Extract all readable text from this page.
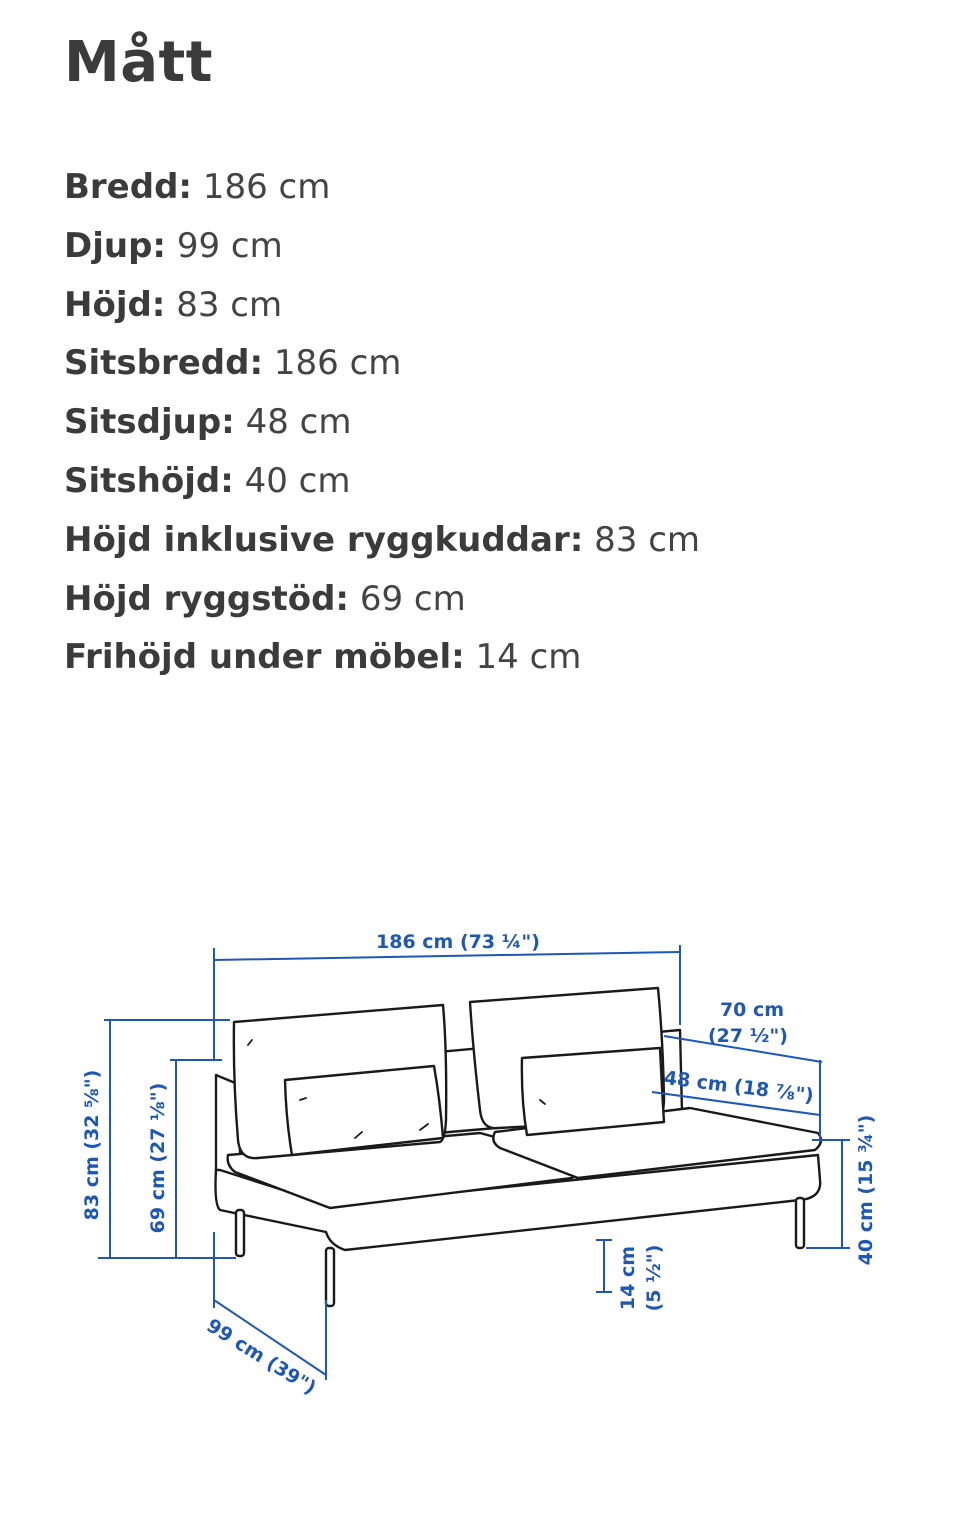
Mått
Bredd: 186 cm
Djup: 99 cm
Höjd: 83 cm
Sitsbredd: 186 cm
Sitsdjup: 48 cm
Sitshöjd: 40 cm
Höjd inklusive ryggkuddar: 83 cm
Höjd ryggstöd: 69 cm
Frihöjd under möbel: 14 cm
186 cm (73 ¼")
83 cm (32 ⅝") 69 cm (27 ⅛")
70 cm
(27 ½")
48 cm (18 ⅞")
40 cm (15 ¾")
14 cm (5 ½")
99 cm (39")
